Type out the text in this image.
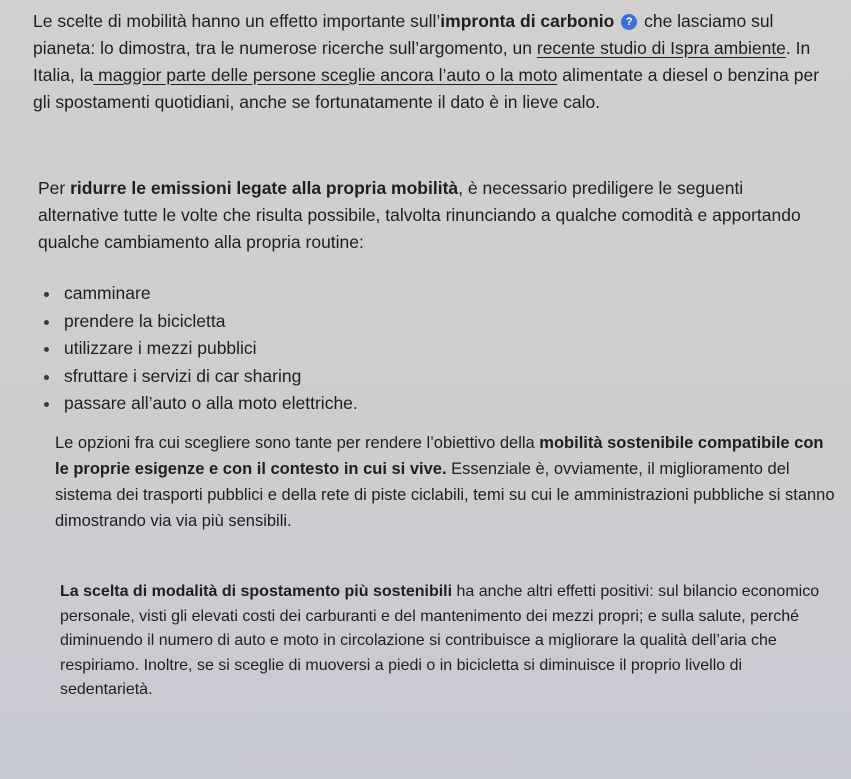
Le scelte di mobilità hanno un effetto importante sull’impronta di carbonio ? che lasciamo sul pianeta: lo dimostra, tra le numerose ricerche sull’argomento, un recente studio di Ispra ambiente. In Italia, la maggior parte delle persone sceglie ancora l’auto o la moto alimentate a diesel o benzina per gli spostamenti quotidiani, anche se fortunatamente il dato è in lieve calo.

Per ridurre le emissioni legate alla propria mobilità, è necessario prediligere le seguenti alternative tutte le volte che risulta possibile, talvolta rinunciando a qualche comodità e apportando qualche cambiamento alla propria routine:

camminare
prendere la bicicletta
utilizzare i mezzi pubblici
sfruttare i servizi di car sharing
passare all’auto o alla moto elettriche.

Le opzioni fra cui scegliere sono tante per rendere l’obiettivo della mobilità sostenibile compatibile con le proprie esigenze e con il contesto in cui si vive. Essenziale è, ovviamente, il miglioramento del sistema dei trasporti pubblici e della rete di piste ciclabili, temi su cui le amministrazioni pubbliche si stanno dimostrando via via più sensibili.

La scelta di modalità di spostamento più sostenibili ha anche altri effetti positivi: sul bilancio economico personale, visti gli elevati costi dei carburanti e del mantenimento dei mezzi propri; e sulla salute, perché diminuendo il numero di auto e moto in circolazione si contribuisce a migliorare la qualità dell’aria che respiriamo. Inoltre, se si sceglie di muoversi a piedi o in bicicletta si diminuisce il proprio livello di sedentarietà.
